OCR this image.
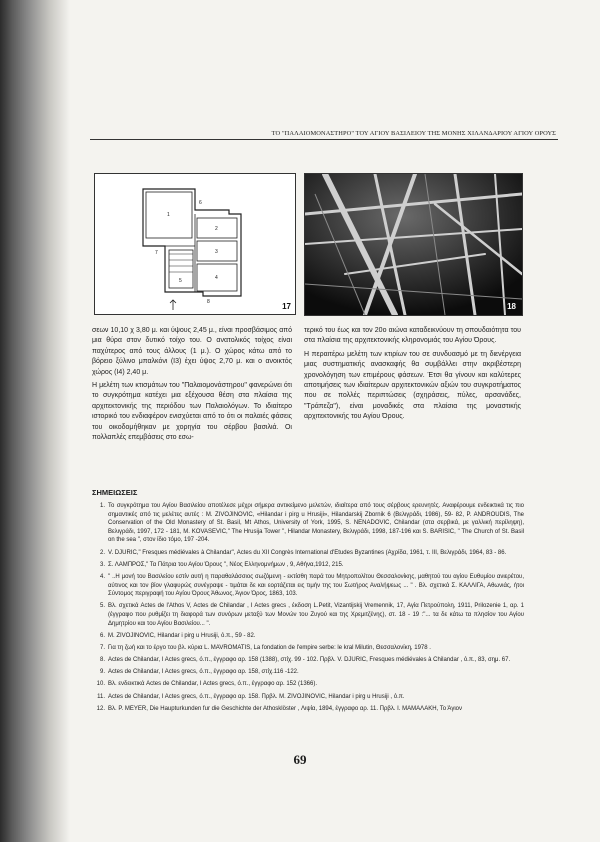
ΤΟ "ΠΑΛΑΙΟΜΟΝΑΣΤΗΡΟ" ΤΟΥ ΑΓΙΟΥ ΒΑΣΙΛΕΙΟΥ ΤΗΣ ΜΟΝΗΣ ΧΙΛΑΝΔΑΡΙΟΥ ΑΓΙΟΥ ΟΡΟΥΣ
1
2
3
4
5
6
7
8	17	18

σεων 10,10 χ 3,80 μ. και ύψους 2,45 μ., είναι προσβάσιμος από μια θύρα στον δυτικό τοίχο του. Ο ανατολικός τοίχος είναι παχύτερος από τους άλλους (1 μ.). Ο χώρος κάτω από το βόρειο ξύλινο μπαλκόνι (I3) έχει ύψος 2,70 μ. και ο ανοικτός χώρος (I4) 2,40 μ.

Η μελέτη των κτισμάτων του "Παλαιομονάστηρου" φανερώνει ότι το συγκρότημα κατέχει μια εξέχουσα θέση στα πλαίσια της αρχιτεκτονικής της περιόδου των Παλαιολόγων. Το ιδιαίτερο ιστορικό του ενδιαφέρον ενισχύεται από το ότι οι παλαιές φάσεις του οικοδομήθηκαν με χορηγία του σέρβου βασιλιά. Οι πολλαπλές επεμβάσεις στο εσω-

τερικό του έως και τον 20ο αιώνα καταδεικνύουν τη σπουδαιότητα του στα πλαίσια της αρχιτεκτονικής κληρονομιάς του Αγίου Όρους.

Η περαιτέρω μελέτη των κτιρίων του σε συνδυασμό με τη διενέργεια μιας συστηματικής ανασκαφής θα συμβάλλει στην ακριβέστερη χρονολόγηση των επιμέρους φάσεων. Έτσι θα γίνουν και καλύτερες αποτιμήσεις των ιδιαίτερων αρχιτεκτονικών αξιών του συγκροτήματος που σε πολλές περιπτώσεις (σχηράσεις, πύλες, αρσανάδες, "Τράπεζα"), είναι μοναδικές στα πλαίσια της μοναστικής αρχιτεκτονικής του Αγίου Όρους.

ΣΗΜΕΙΩΣΕΙΣ
1. Το συγκρότημα του Αγίου Βασιλείου αποτέλεσε μέχρι σήμερα αντικείμενο μελετών, ιδιαίτερα από τους σέρβους ερευνητές. Αναφέρουμε ενδεικτικά τις πιο σημαντικές από τις μελέτες αυτές : M. ZIVOJINOVIC, «Hilandar i pirg u Hrusiji», Hilandarskij Zbornik 6 (Βελιγράδι, 1986), 59- 82, P. ANDROUDIS, The Conservation of the Old Monastery of St. Basil, Mt Athos, University of York, 1995, S. NENADOVIC, Chilandar (στα σερβικά, με γαλλική περίληψη), Βελιγράδι, 1997, 172 - 181, M. KOVASEVIC," The Hrusija Tower ", Hilandar Monastery, Βελιγράδι, 1998, 187-196 και S. BARISIC, " The Church of St. Basil on the sea ", στον ίδιο τόμο, 197 -204.
2. V. DJURIC," Fresques médiévales à Chilandar", Actes du XII Congrès International d'Etudes Byzantines (Αχρίδα, 1961, τ. III, Βελιγράδι, 1964, 83 - 86.
3. Σ. ΛΑΜΠΡΟΣ," Τα Πάτρια του Αγίου Όρους ", Νέος Ελληνομνήμων , 9, Αθήνα,1912, 215.
4. " ..Η μονή του Βασιλείου εστίν αυτή η παραθαλάσσιος σωζόμενη - εκτίσθη παρά του Μητροπολίτου Θεσσαλονίκης, μαθητού του αγίου Ευθυμίου ανιερέτου, αύτινος και τον βίον γλαφυρώς συνέγραψε - τιμάται δε και εορτάζεται εις τιμήν της του Σωτήρος Αναλήψεως ... " . Βλ. σχετικά Σ. ΚΑΛΛΙΓΑ, Αθωνιάς, ήτοι Σύντομος περιγραφή του Αγίου Όρους Άθωνος, Άγιον Όρος, 1863, 103.
5. Βλ. σχετικά Actes de l'Athos V, Actes de Chilandar , I Actes grecs , έκδοση L.Petit, Vizantijskij Vremennik, 17, Αγία Πετρούπολη, 1911, Prilozenie 1, αρ. 1 (έγγραφο που ρυθμίζει τη διαφορά των συνόρων μεταξύ των Μονών του Ζυγού και της Χρεμιτζένης), στ. 18 - 19 :"... τα δε κάτω τα πλησίον του Αγίου Δημητρίου και του Αγίου Βασιλείου... ".
6. M. ZIVOJINOVIC, Hilandar i pirg u Hrusiji, ό.π., 59 - 82.
7. Για τη ζωή και το έργο του βλ. κύρια L. MAVROMATIS, La fondation de l'empire serbe: le kral Milutin, Θεσσαλονίκη, 1978 .
8. Actes de Chilandar, I Actes grecs, ό.π., έγγραφο αρ. 158 (1388), στίχ. 99 - 102. Πρβλ. V. DJURIC, Fresques médiévales à Chilandar , ό.π., 83, σημ. 67.
9. Actes de Chilandar, I Actes grecs, ό.π., έγγραφο αρ. 158, στίχ.116 -122.
10. Βλ. ενδεικτικά Actes de Chilandar, I Actes grecs, ό.π., έγγραφο αρ. 152 (1366).
11. Actes de Chilandar, I Actes grecs, ό.π., έγγραφο αρ. 158. Πρβλ. M. ZIVOJINOVIC, Hilandar i pirg u Hrusiji , ό.π.
12. Βλ. P. MEYER, Die Haupturkunden fur die Geschichte der Athosklöster , Λιψία, 1894, έγγραφο αρ. 11. Πρβλ. I. ΜΑΜΑΛΑΚΗ, Το Άγιον
69
